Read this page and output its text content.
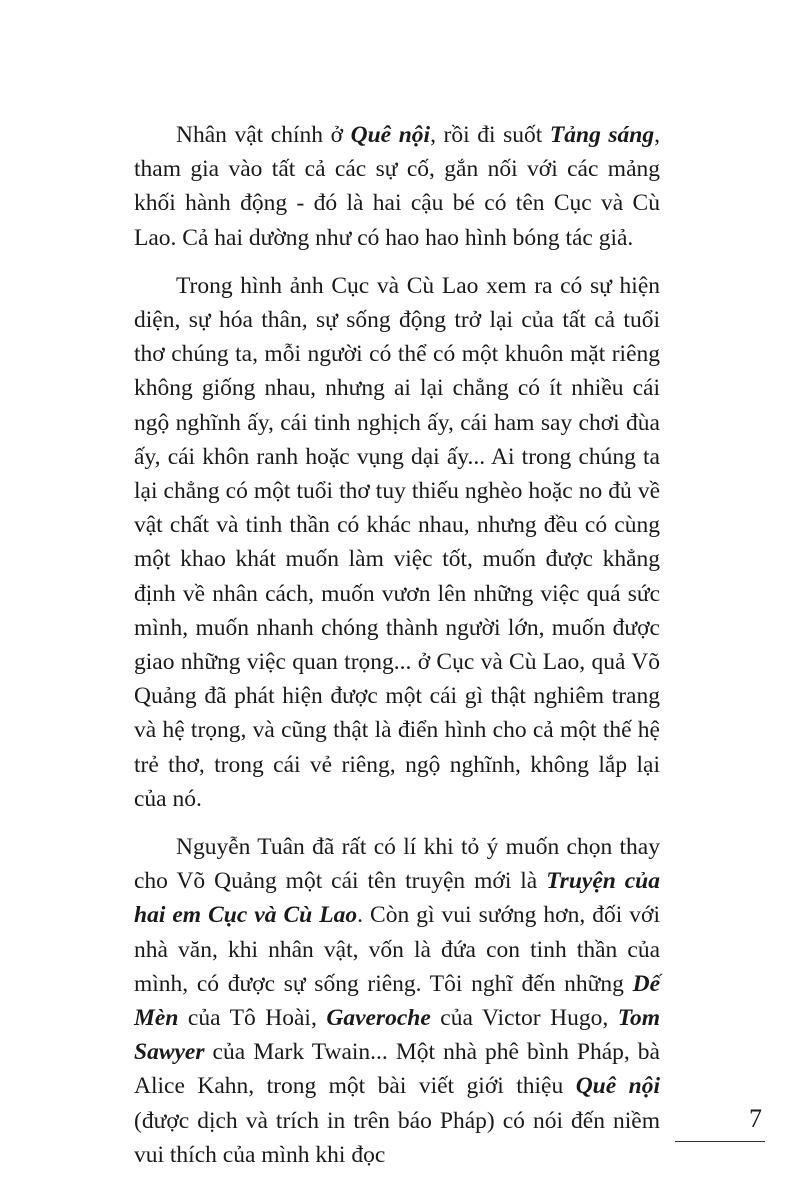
Nhân vật chính ở Quê nội, rồi đi suốt Tảng sáng, tham gia vào tất cả các sự cố, gắn nối với các mảng khối hành động - đó là hai cậu bé có tên Cục và Cù Lao. Cả hai dường như có hao hao hình bóng tác giả.

Trong hình ảnh Cục và Cù Lao xem ra có sự hiện diện, sự hóa thân, sự sống động trở lại của tất cả tuổi thơ chúng ta, mỗi người có thể có một khuôn mặt riêng không giống nhau, nhưng ai lại chẳng có ít nhiều cái ngộ nghĩnh ấy, cái tinh nghịch ấy, cái ham say chơi đùa ấy, cái khôn ranh hoặc vụng dại ấy... Ai trong chúng ta lại chẳng có một tuổi thơ tuy thiếu nghèo hoặc no đủ về vật chất và tinh thần có khác nhau, nhưng đều có cùng một khao khát muốn làm việc tốt, muốn được khẳng định về nhân cách, muốn vươn lên những việc quá sức mình, muốn nhanh chóng thành người lớn, muốn được giao những việc quan trọng... ở Cục và Cù Lao, quả Võ Quảng đã phát hiện được một cái gì thật nghiêm trang và hệ trọng, và cũng thật là điển hình cho cả một thế hệ trẻ thơ, trong cái vẻ riêng, ngộ nghĩnh, không lắp lại của nó.

Nguyễn Tuân đã rất có lí khi tỏ ý muốn chọn thay cho Võ Quảng một cái tên truyện mới là Truyện của hai em Cục và Cù Lao. Còn gì vui sướng hơn, đối với nhà văn, khi nhân vật, vốn là đứa con tinh thần của mình, có được sự sống riêng. Tôi nghĩ đến những Dế Mèn của Tô Hoài, Gaveroche của Victor Hugo, Tom Sawyer của Mark Twain... Một nhà phê bình Pháp, bà Alice Kahn, trong một bài viết giới thiệu Quê nội (được dịch và trích in trên báo Pháp) có nói đến niềm vui thích của mình khi đọc

7
